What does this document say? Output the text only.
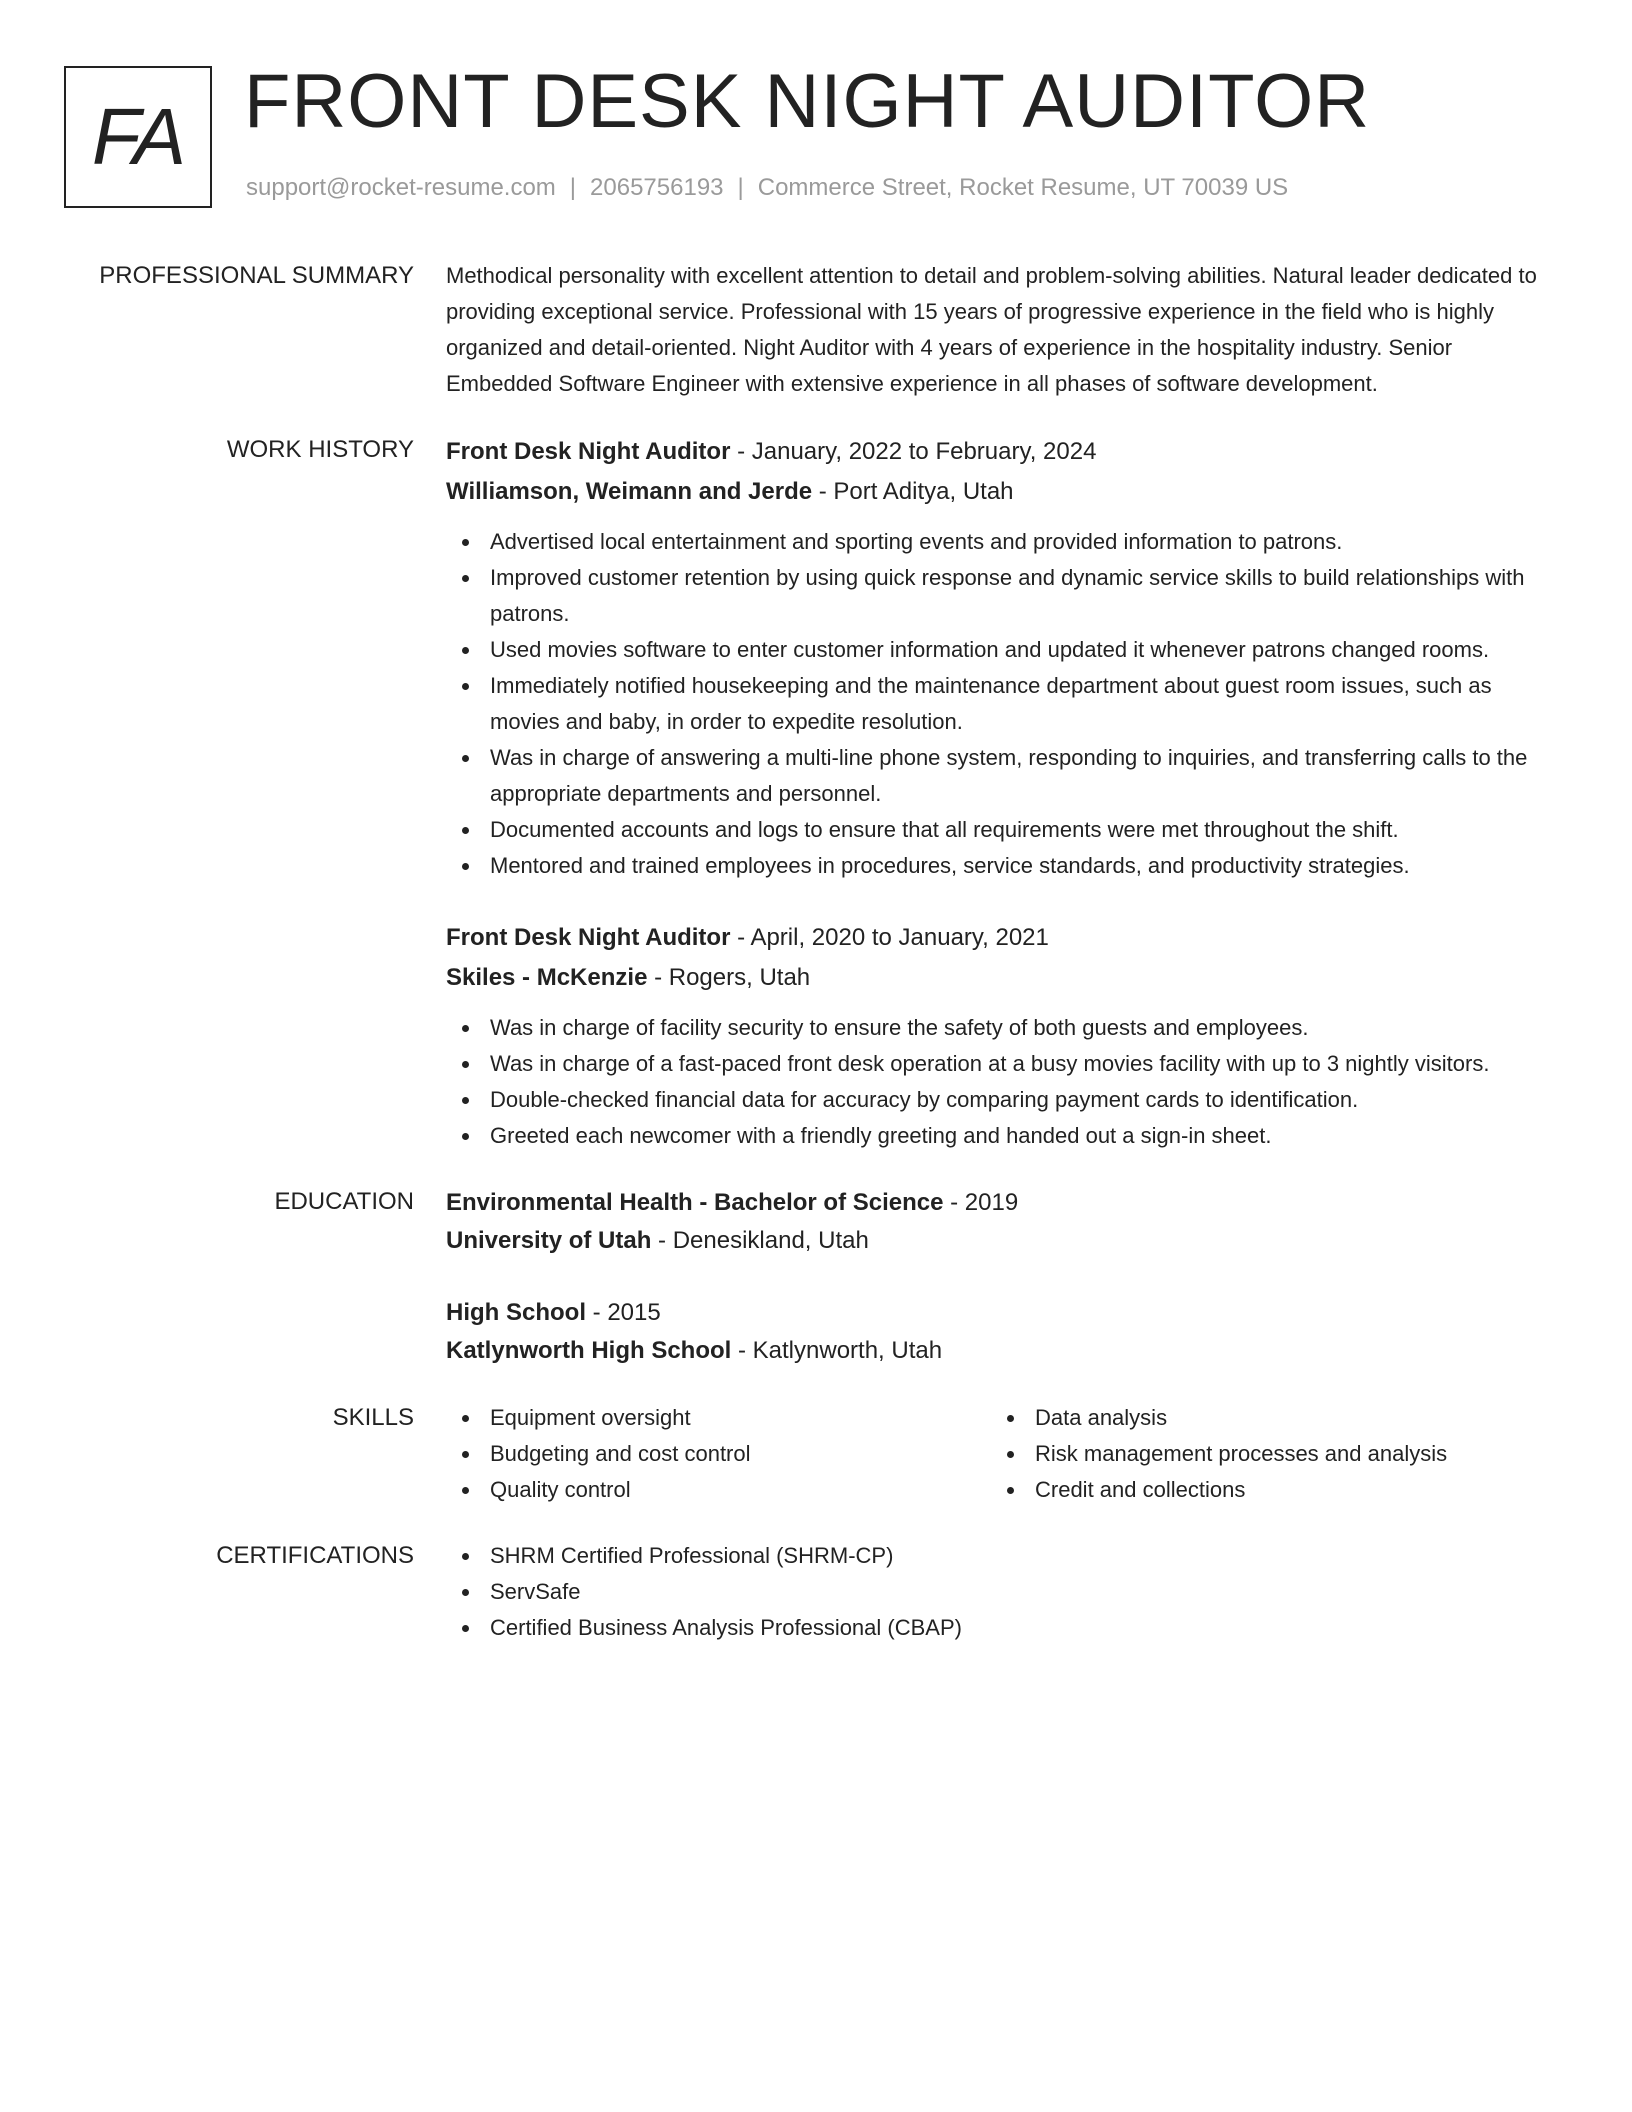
FA FRONT DESK NIGHT AUDITOR
support@rocket-resume.com | 2065756193 | Commerce Street, Rocket Resume, UT 70039 US
PROFESSIONAL SUMMARY Methodical personality with excellent attention to detail and problem-solving abilities. Natural leader dedicated to providing exceptional service. Professional with 15 years of progressive experience in the field who is highly organized and detail-oriented. Night Auditor with 4 years of experience in the hospitality industry. Senior Embedded Software Engineer with extensive experience in all phases of software development.

WORK HISTORY Front Desk Night Auditor - January, 2022 to February, 2024
Williamson, Weimann and Jerde - Port Aditya, Utah
Advertised local entertainment and sporting events and provided information to patrons.
Improved customer retention by using quick response and dynamic service skills to build relationships with patrons.
Used movies software to enter customer information and updated it whenever patrons changed rooms.
Immediately notified housekeeping and the maintenance department about guest room issues, such as movies and baby, in order to expedite resolution.
Was in charge of answering a multi-line phone system, responding to inquiries, and transferring calls to the appropriate departments and personnel.
Documented accounts and logs to ensure that all requirements were met throughout the shift.
Mentored and trained employees in procedures, service standards, and productivity strategies.
Front Desk Night Auditor - April, 2020 to January, 2021
Skiles - McKenzie - Rogers, Utah
Was in charge of facility security to ensure the safety of both guests and employees.
Was in charge of a fast-paced front desk operation at a busy movies facility with up to 3 nightly visitors.
Double-checked financial data for accuracy by comparing payment cards to identification.
Greeted each newcomer with a friendly greeting and handed out a sign-in sheet.
EDUCATION Environmental Health - Bachelor of Science - 2019
University of Utah - Denesikland, Utah
High School - 2015
Katlynworth High School - Katlynworth, Utah
SKILLS	Equipment oversight
Budgeting and cost control
Quality control
Data analysis
Risk management processes and analysis
Credit and collections
CERTIFICATIONS	SHRM Certified Professional (SHRM-CP)
ServSafe
Certified Business Analysis Professional (CBAP)
